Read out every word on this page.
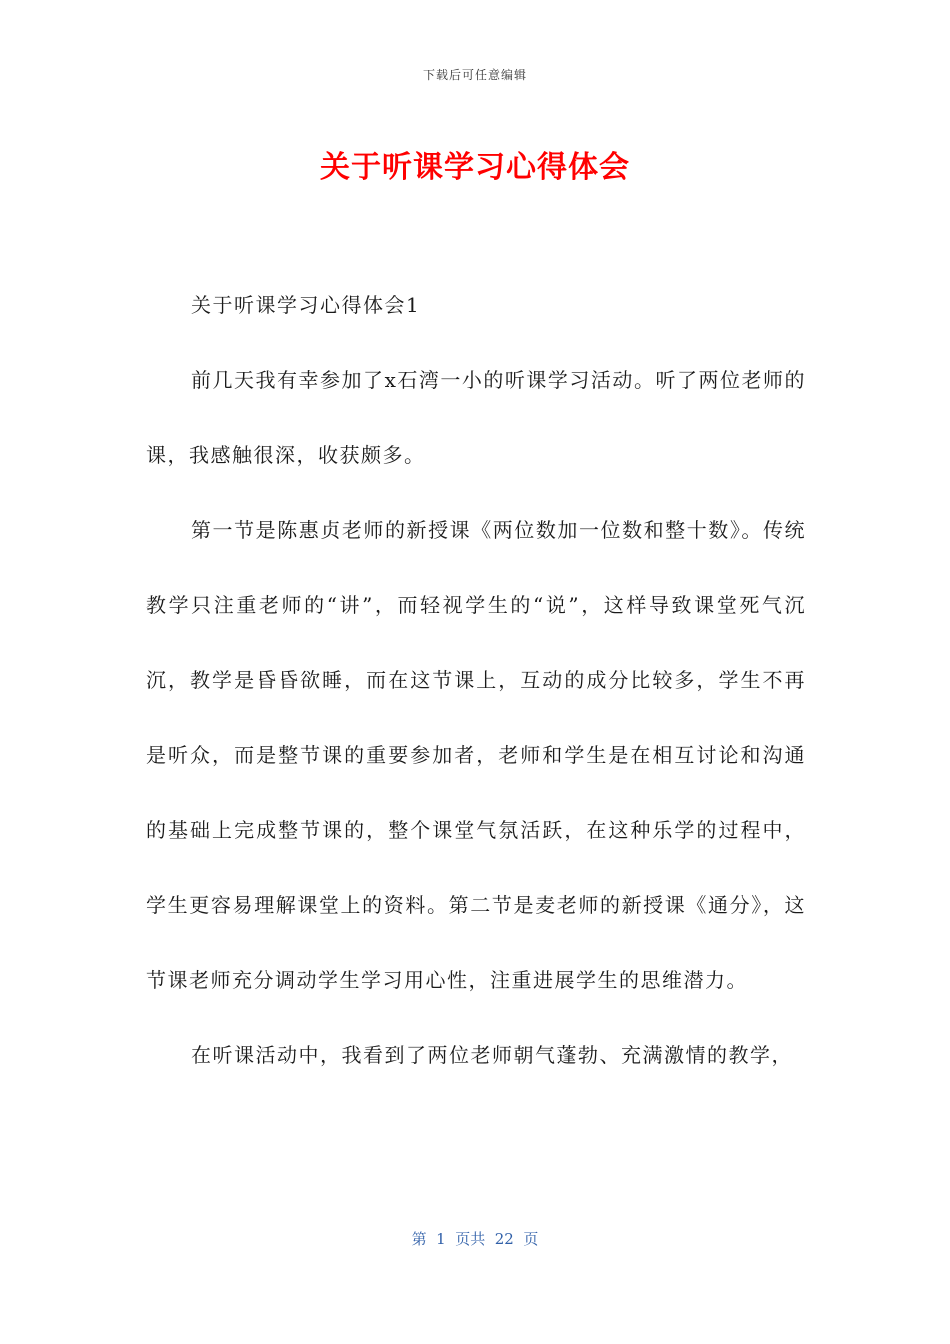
下载后可任意编辑
关于听课学习心得体会

关于听课学习心得体会1

前几天我有幸参加了x石湾一小的听课学习活动。听了两位老师的课，我感触很深，收获颇多。

第一节是陈惠贞老师的新授课《两位数加一位数和整十数》。传统教学只注重老师的“讲”，而轻视学生的“说”，这样导致课堂死气沉沉，教学是昏昏欲睡，而在这节课上，互动的成分比较多，学生不再是听众，而是整节课的重要参加者，老师和学生是在相互讨论和沟通的基础上完成整节课的，整个课堂气氛活跃，在这种乐学的过程中，学生更容易理解课堂上的资料。第二节是麦老师的新授课《通分》，这节课老师充分调动学生学习用心性，注重进展学生的思维潜力。

在听课活动中，我看到了两位老师朝气蓬勃、充满激情的教学，

第  1  页共  22  页
